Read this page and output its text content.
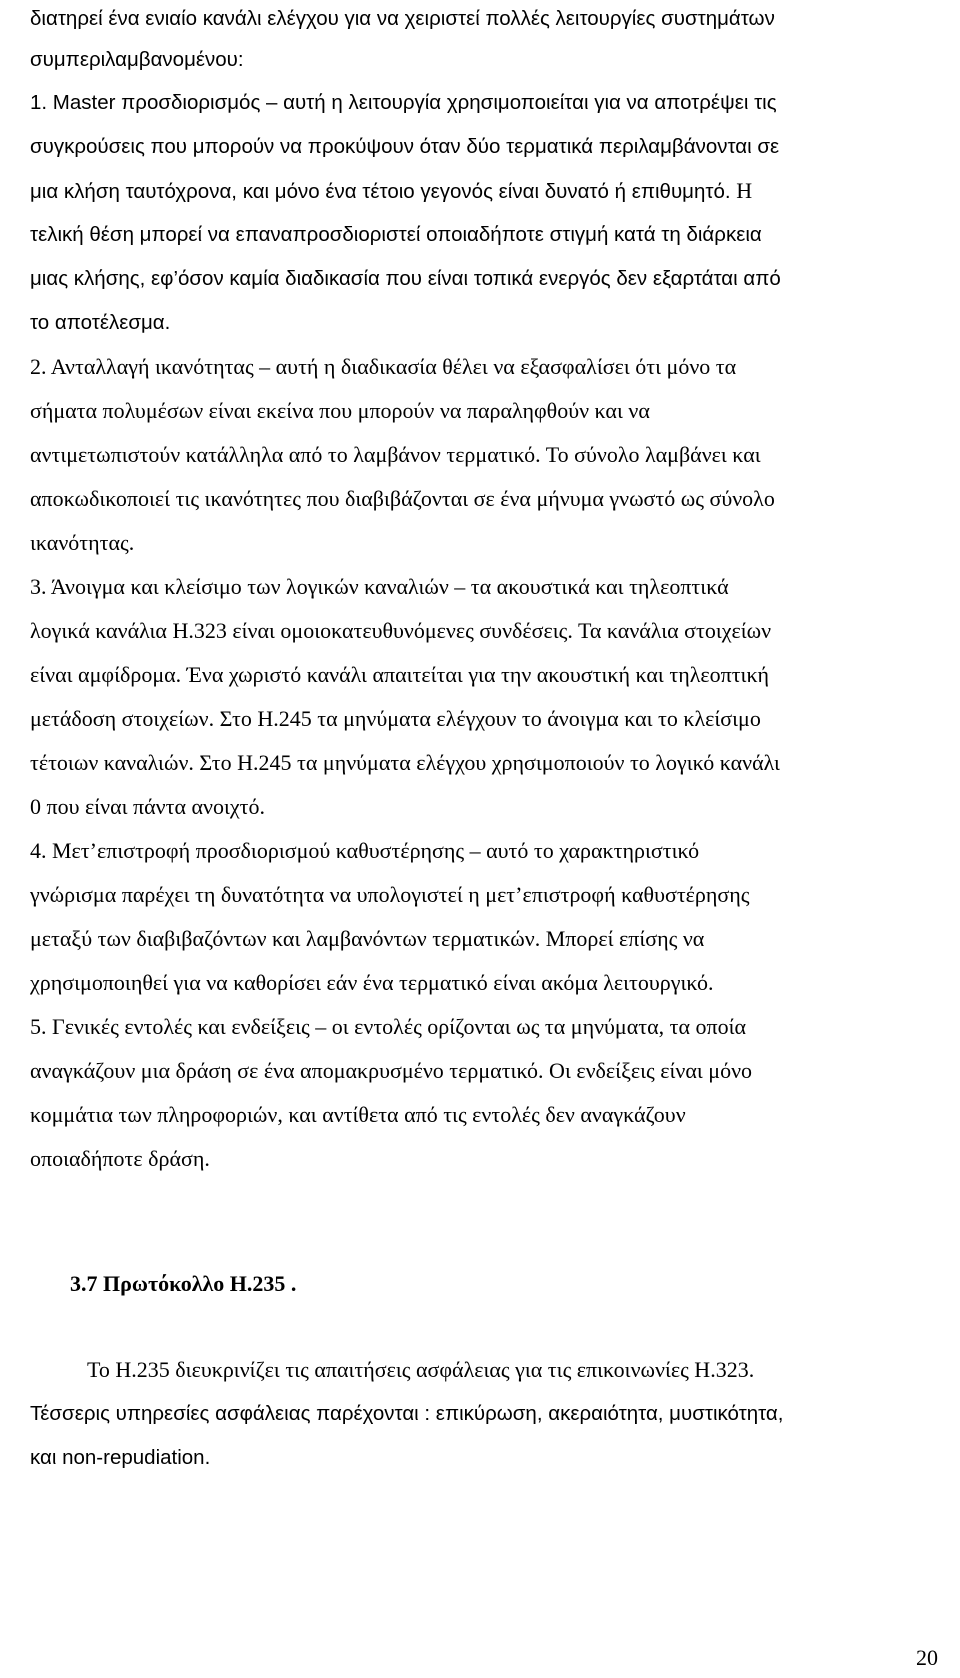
διατηρεί ένα ενιαίο κανάλι ελέγχου για να χειριστεί πολλές λειτουργίες συστημάτων
συμπεριλαμβανομένου:
1. Master προσδιορισμός – αυτή η λειτουργία χρησιμοποιείται για να αποτρέψει τις
συγκρούσεις που μπορούν να προκύψουν όταν δύο τερματικά περιλαμβάνονται σε
μια κλήση ταυτόχρονα, και μόνο ένα τέτοιο γεγονός είναι δυνατό ή επιθυμητό. Η
τελική θέση μπορεί να επαναπροσδιοριστεί οποιαδήποτε στιγμή κατά τη διάρκεια
μιας κλήσης, εφ’όσον καμία διαδικασία που είναι τοπικά ενεργός δεν εξαρτάται από
το αποτέλεσμα.
2. Ανταλλαγή ικανότητας – αυτή η διαδικασία θέλει να εξασφαλίσει ότι μόνο τα
σήματα πολυμέσων είναι εκείνα που μπορούν να παραληφθούν και να
αντιμετωπιστούν κατάλληλα από το λαμβάνον τερματικό. Το σύνολο λαμβάνει και
αποκωδικοποιεί τις ικανότητες που διαβιβάζονται σε ένα μήνυμα γνωστό ως σύνολο
ικανότητας.
3. Άνοιγμα και κλείσιμο των λογικών καναλιών – τα ακουστικά και τηλεοπτικά
λογικά κανάλια H.323 είναι ομοιοκατευθυνόμενες συνδέσεις. Τα κανάλια στοιχείων
είναι αμφίδρομα. Ένα χωριστό κανάλι απαιτείται για την ακουστική και τηλεοπτική
μετάδοση στοιχείων. Στο H.245 τα μηνύματα ελέγχουν το άνοιγμα και το κλείσιμο
τέτοιων καναλιών. Στο H.245 τα μηνύματα ελέγχου χρησιμοποιούν το λογικό κανάλι
0 που είναι πάντα ανοιχτό.
4. Μετ’επιστροφή προσδιορισμού καθυστέρησης – αυτό το χαρακτηριστικό
γνώρισμα παρέχει τη δυνατότητα να υπολογιστεί η μετ’επιστροφή καθυστέρησης
μεταξύ των διαβιβαζόντων και λαμβανόντων τερματικών. Μπορεί επίσης να
χρησιμοποιηθεί για να καθορίσει εάν ένα τερματικό είναι ακόμα λειτουργικό.
5. Γενικές εντολές και ενδείξεις – οι εντολές ορίζονται ως τα μηνύματα, τα οποία
αναγκάζουν μια δράση σε ένα απομακρυσμένο τερματικό. Οι ενδείξεις είναι μόνο
κομμάτια των πληροφοριών, και αντίθετα από τις εντολές δεν αναγκάζουν
οποιαδήποτε δράση.
3.7 Πρωτόκολλο H.235 .
Το H.235 διευκρινίζει τις απαιτήσεις ασφάλειας για τις επικοινωνίες H.323.
Τέσσερις υπηρεσίες ασφάλειας παρέχονται : επικύρωση, ακεραιότητα, μυστικότητα,
και non-repudiation.
20
